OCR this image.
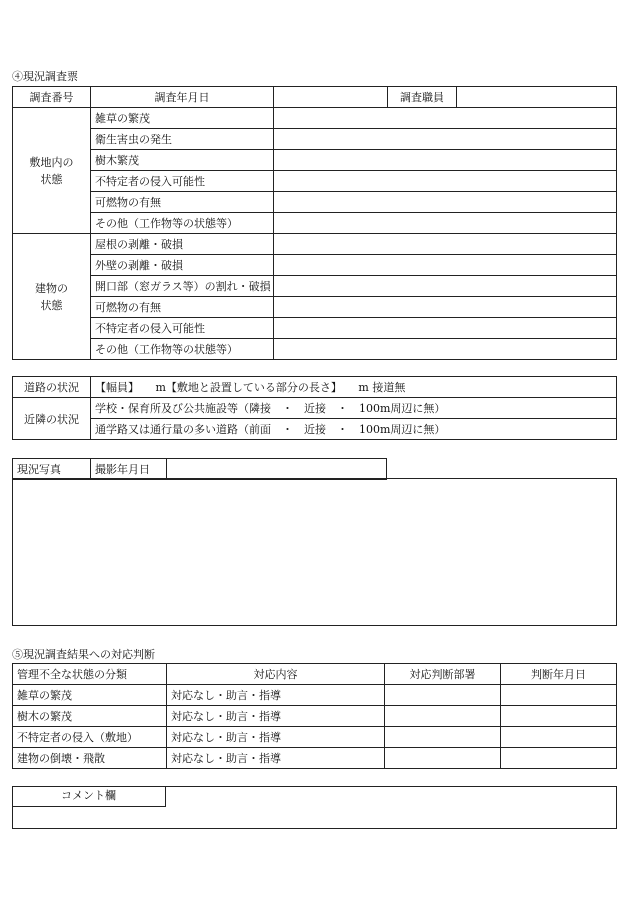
④現況調査票
調査番号	調査年月日		調査職員	
敷地内の
状態	雑草の繁茂			
	衛生害虫の発生			
	樹木繁茂			
	不特定者の侵入可能性			
	可燃物の有無			
	その他（工作物等の状態等）			
建物の
状態	屋根の剥離・破損			
	外壁の剥離・破損			
	開口部（窓ガラス等）の割れ・破損			
	可燃物の有無			
	不特定者の侵入可能性			
	その他（工作物等の状態等）			
道路の状況	【幅員】　　m【敷地と設置している部分の長さ】　　m 接道無
近隣の状況	学校・保育所及び公共施設等（隣接　・　近接　・　100m周辺に無）
	通学路又は通行量の多い道路（前面　・　近接　・　100m周辺に無）
現況写真	撮影年月日	
⑤現況調査結果への対応判断
管理不全な状態の分類	対応内容	対応判断部署	判断年月日
雑草の繁茂	対応なし・助言・指導		
樹木の繁茂	対応なし・助言・指導		
不特定者の侵入（敷地）	対応なし・助言・指導		
建物の倒壊・飛散	対応なし・助言・指導		
コメント欄
